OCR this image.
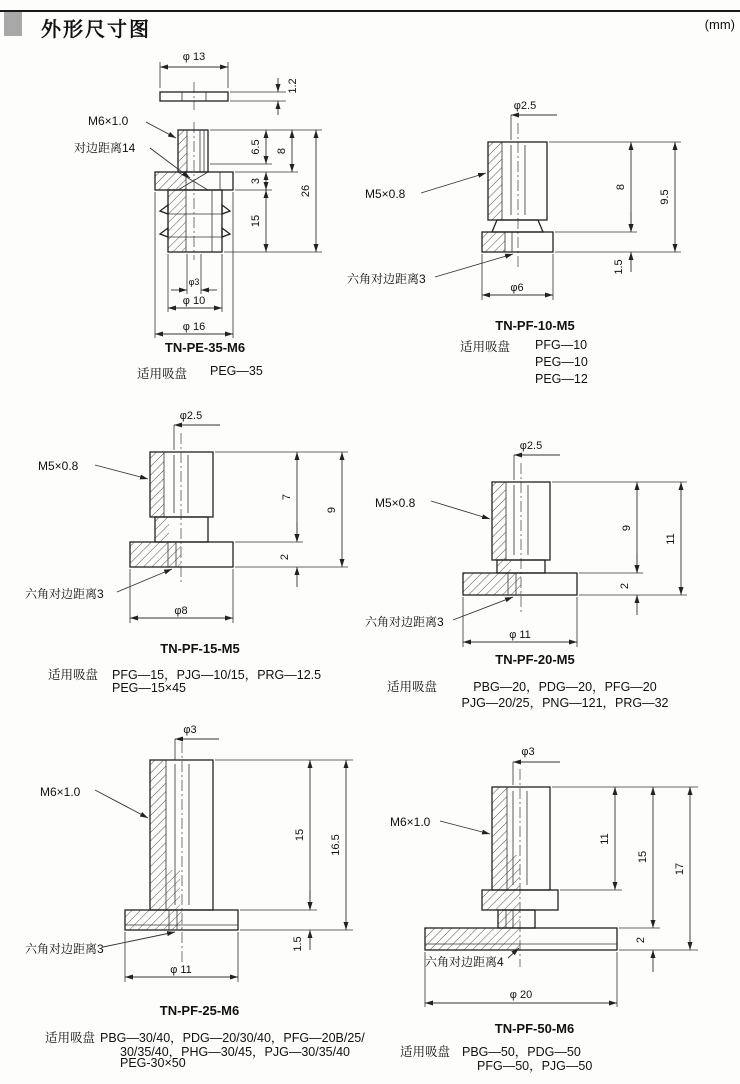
外形尺寸图	(mm)
φ 13
1.2
φ3
φ 10
φ 16
6.5
3
15
8
26
M6×1.0
对边距离14
TN-PE-35-M6
适用吸盘 PEG—35
φ2.5
8
9.5
1.5
φ6
M5×0.8
六角对边距离3
TN-PF-10-M5
适用吸盘 PFG—10
PEG—10
PEG—12
φ2.5
7
9
2
φ8
M5×0.8
六角对边距离3
TN-PF-15-M5
适用吸盘 PFG—15，PJG—10/15，PRG—12.5
PEG—15×45
φ2.5
9
11
2
φ 11
M5×0.8
六角对边距离3
TN-PF-20-M5
适用吸盘	PBG—20，PDG—20，PFG—20
PJG—20/25，PNG—121，PRG—32
φ3
15 16.5
1.5
φ 11
M6×1.0
六角对边距离3
TN-PF-25-M6
适用吸盘 PBG—30/40，PDG—20/30/40，PFG—20B/25/
30/35/40，PHG—30/45，PJG—30/35/40
PEG-30×50
φ3
11
15
17
2
φ 20
M6×1.0
六角对边距离4
TN-PF-50-M6
适用吸盘 PBG—50，PDG—50
PFG—50，PJG—50
